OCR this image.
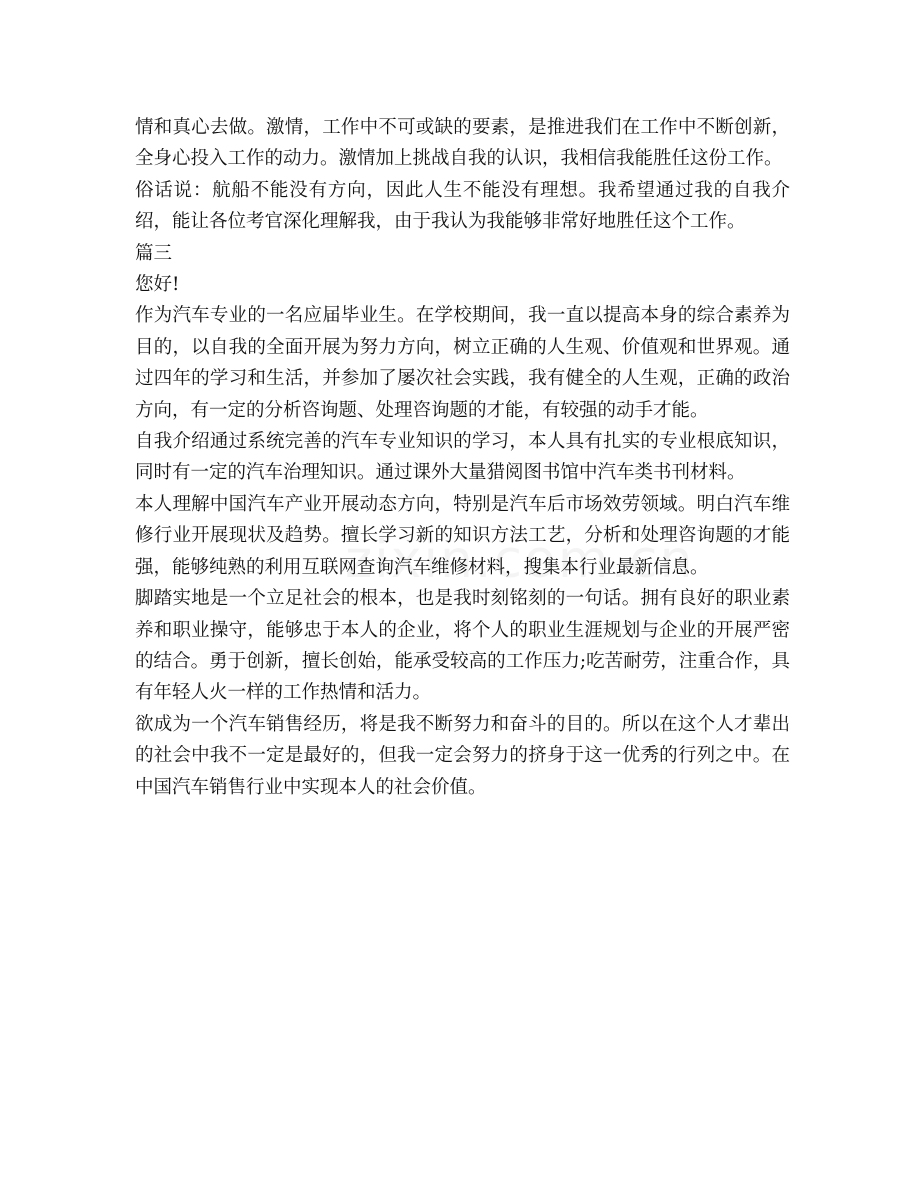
情和真心去做。激情，工作中不可或缺的要素，是推进我们在工作中不断创新，全身心投入工作的动力。激情加上挑战自我的认识，我相信我能胜任这份工作。

俗话说：航船不能没有方向，因此人生不能没有理想。我希望通过我的自我介绍，能让各位考官深化理解我，由于我认为我能够非常好地胜任这个工作。

篇三

您好!

作为汽车专业的一名应届毕业生。在学校期间，我一直以提高本身的综合素养为目的，以自我的全面开展为努力方向，树立正确的人生观、价值观和世界观。通过四年的学习和生活，并参加了屡次社会实践，我有健全的人生观，正确的政治方向，有一定的分析咨询题、处理咨询题的才能，有较强的动手才能。

自我介绍通过系统完善的汽车专业知识的学习，本人具有扎实的专业根底知识，同时有一定的汽车治理知识。通过课外大量猎阅图书馆中汽车类书刊材料。

本人理解中国汽车产业开展动态方向，特别是汽车后市场效劳领域。明白汽车维修行业开展现状及趋势。擅长学习新的知识方法工艺，分析和处理咨询题的才能强，能够纯熟的利用互联网查询汽车维修材料，搜集本行业最新信息。

脚踏实地是一个立足社会的根本，也是我时刻铭刻的一句话。拥有良好的职业素养和职业操守，能够忠于本人的企业，将个人的职业生涯规划与企业的开展严密的结合。勇于创新，擅长创始，能承受较高的工作压力;吃苦耐劳，注重合作，具有年轻人火一样的工作热情和活力。

欲成为一个汽车销售经历，将是我不断努力和奋斗的目的。所以在这个人才辈出的社会中我不一定是最好的，但我一定会努力的挤身于这一优秀的行列之中。在中国汽车销售行业中实现本人的社会价值。
